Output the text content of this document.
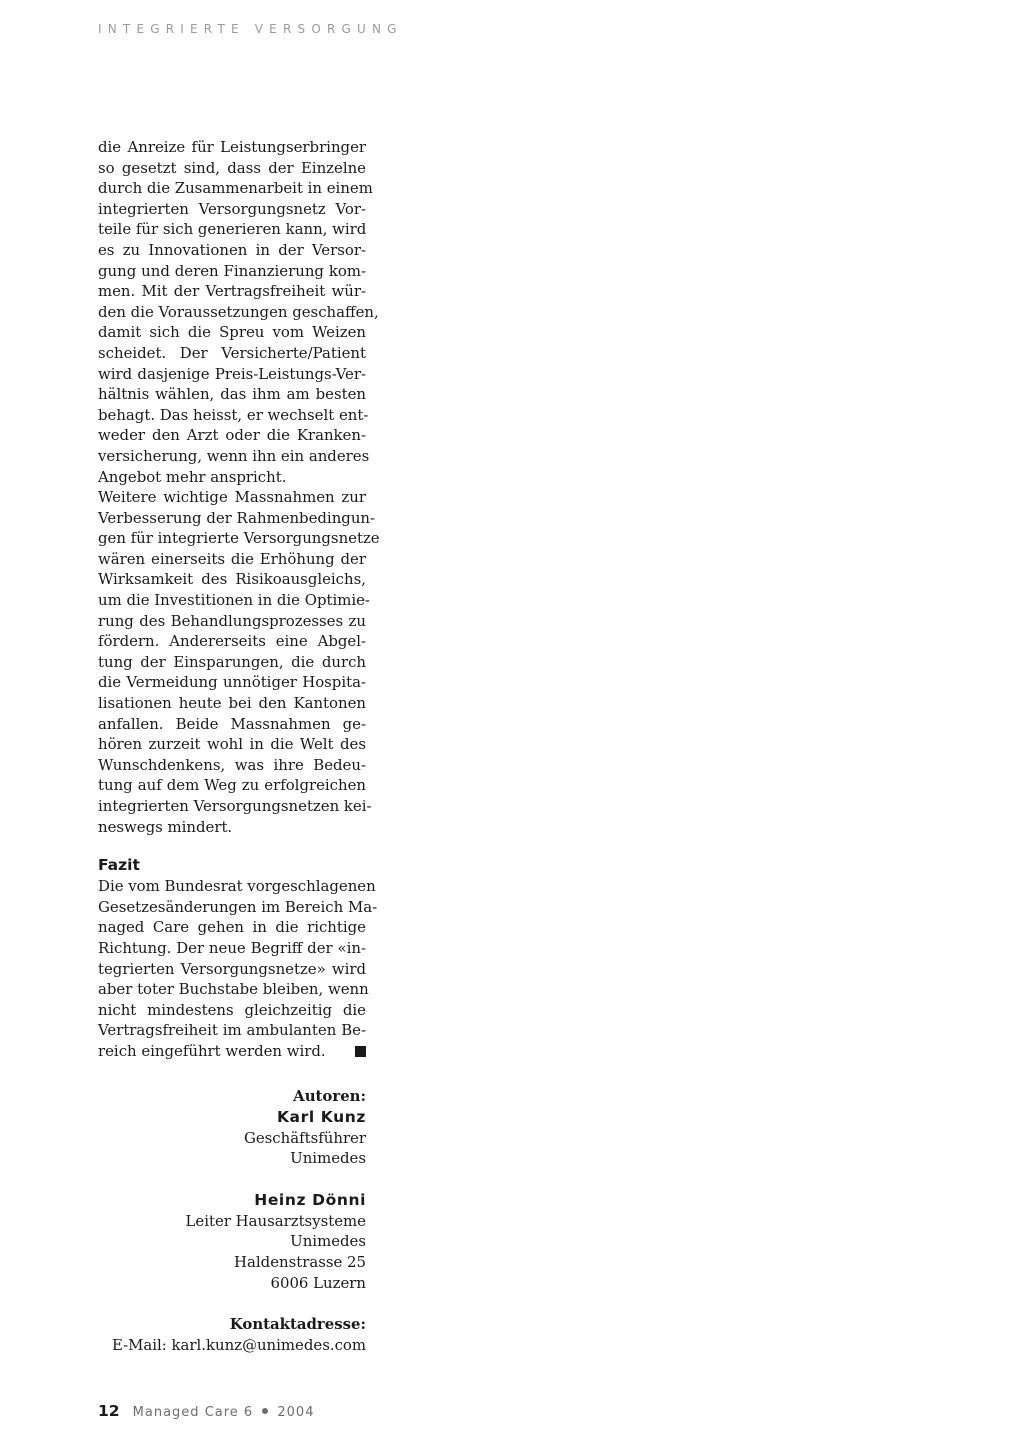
INTEGRIERTE VERSORGUNG

die Anreize für Leistungserbringer

so gesetzt sind, dass der Einzelne

durch die Zusammenarbeit in einem

integrierten Versorgungsnetz Vor-

teile für sich generieren kann, wird

es zu Innovationen in der Versor-

gung und deren Finanzierung kom-

men. Mit der Vertragsfreiheit wür-

den die Voraussetzungen geschaffen,

damit sich die Spreu vom Weizen

scheidet. Der Versicherte/Patient

wird dasjenige Preis-Leistungs-Ver-

hältnis wählen, das ihm am besten

behagt. Das heisst, er wechselt ent-

weder den Arzt oder die Kranken-

versicherung, wenn ihn ein anderes

Angebot mehr anspricht.

Weitere wichtige Massnahmen zur

Verbesserung der Rahmenbedingun-

gen für integrierte Versorgungsnetze

wären einerseits die Erhöhung der

Wirksamkeit des Risikoausgleichs,

um die Investitionen in die Optimie-

rung des Behandlungsprozesses zu

fördern. Andererseits eine Abgel-

tung der Einsparungen, die durch

die Vermeidung unnötiger Hospita-

lisationen heute bei den Kantonen

anfallen. Beide Massnahmen ge-

hören zurzeit wohl in die Welt des

Wunschdenkens, was ihre Bedeu-

tung auf dem Weg zu erfolgreichen

integrierten Versorgungsnetzen kei-

neswegs mindert.

Fazit

Die vom Bundesrat vorgeschlagenen

Gesetzesänderungen im Bereich Ma-

naged Care gehen in die richtige

Richtung. Der neue Begriff der «in-

tegrierten Versorgungsnetze» wird

aber toter Buchstabe bleiben, wenn

nicht mindestens gleichzeitig die

Vertragsfreiheit im ambulanten Be-

reich eingeführt werden wird.

Autoren:

Karl Kunz

Geschäftsführer

Unimedes

Heinz Dönni

Leiter Hausarztsysteme

Unimedes

Haldenstrasse 25

6006 Luzern

Kontaktadresse:

E-Mail: karl.kunz@unimedes.com

12 Managed Care 6 2004
